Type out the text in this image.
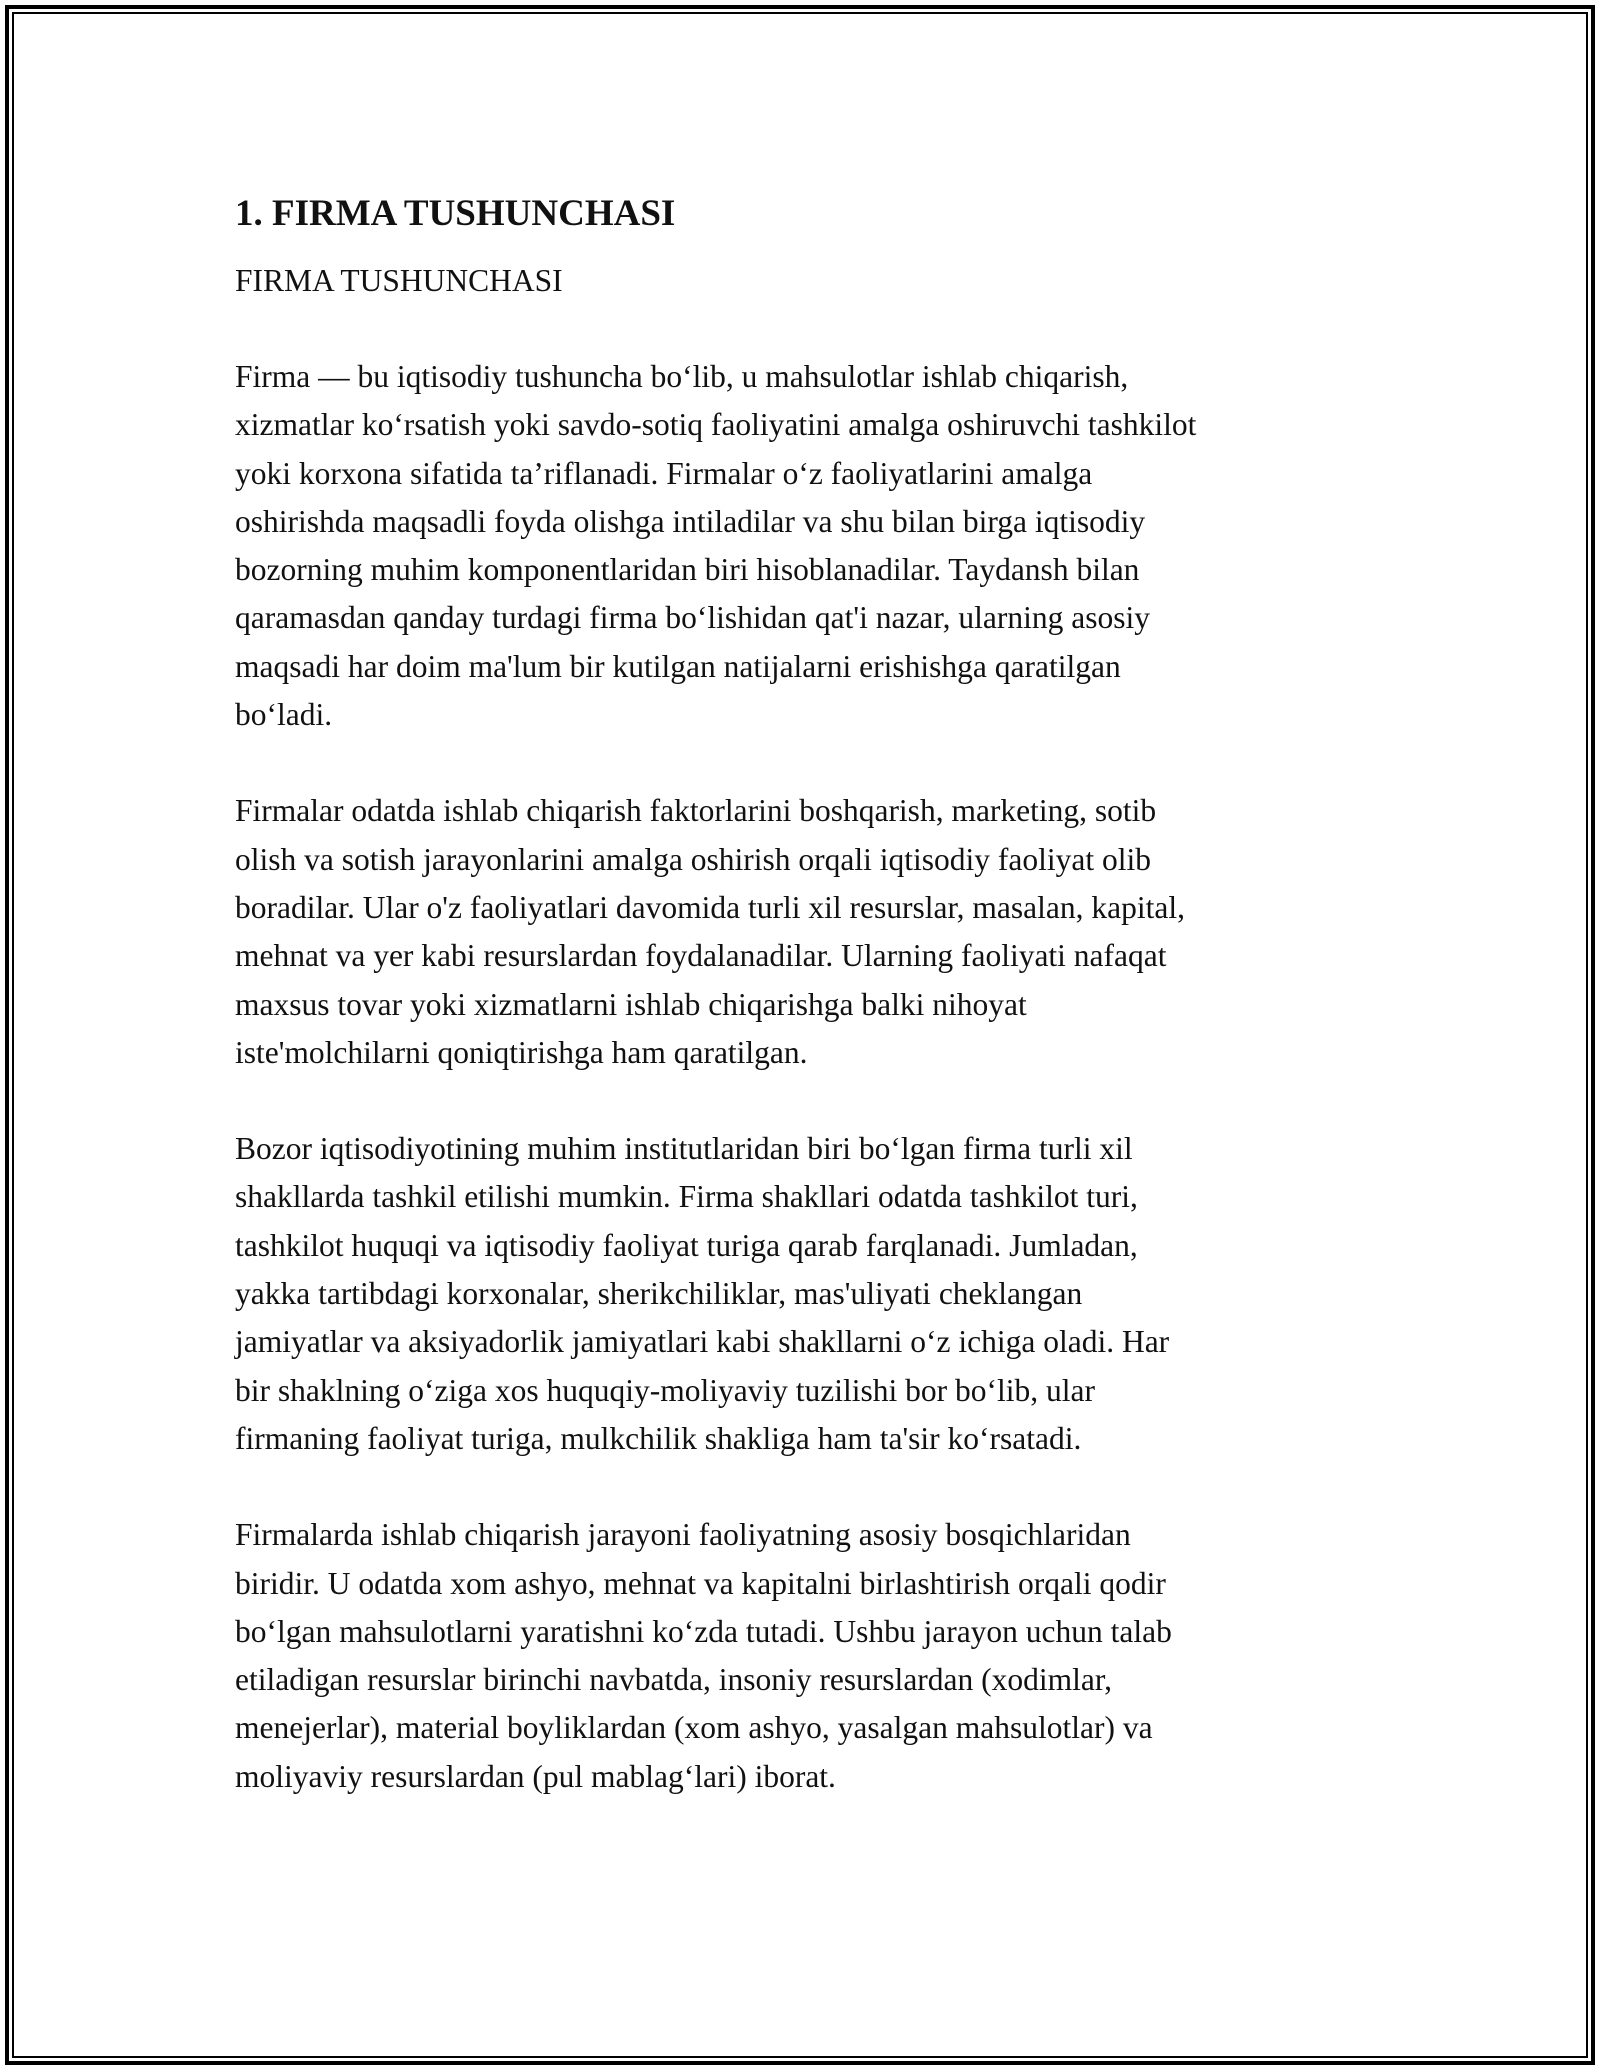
1. FIRMA TUSHUNCHASI
FIRMA TUSHUNCHASI

Firma — bu iqtisodiy tushuncha bo‘lib, u mahsulotlar ishlab chiqarish,
xizmatlar ko‘rsatish yoki savdo-sotiq faoliyatini amalga oshiruvchi tashkilot
yoki korxona sifatida ta’riflanadi. Firmalar o‘z faoliyatlarini amalga
oshirishda maqsadli foyda olishga intiladilar va shu bilan birga iqtisodiy
bozorning muhim komponentlaridan biri hisoblanadilar. Taydansh bilan
qaramasdan qanday turdagi firma bo‘lishidan qat'i nazar, ularning asosiy
maqsadi har doim ma'lum bir kutilgan natijalarni erishishga qaratilgan
bo‘ladi.

Firmalar odatda ishlab chiqarish faktorlarini boshqarish, marketing, sotib
olish va sotish jarayonlarini amalga oshirish orqali iqtisodiy faoliyat olib
boradilar. Ular o'z faoliyatlari davomida turli xil resurslar, masalan, kapital,
mehnat va yer kabi resurslardan foydalanadilar. Ularning faoliyati nafaqat
maxsus tovar yoki xizmatlarni ishlab chiqarishga balki nihoyat
iste'molchilarni qoniqtirishga ham qaratilgan.

Bozor iqtisodiyotining muhim institutlaridan biri bo‘lgan firma turli xil
shakllarda tashkil etilishi mumkin. Firma shakllari odatda tashkilot turi,
tashkilot huquqi va iqtisodiy faoliyat turiga qarab farqlanadi. Jumladan,
yakka tartibdagi korxonalar, sherikchiliklar, mas'uliyati cheklangan
jamiyatlar va aksiyadorlik jamiyatlari kabi shakllarni o‘z ichiga oladi. Har
bir shaklning o‘ziga xos huquqiy-moliyaviy tuzilishi bor bo‘lib, ular
firmaning faoliyat turiga, mulkchilik shakliga ham ta'sir ko‘rsatadi.

Firmalarda ishlab chiqarish jarayoni faoliyatning asosiy bosqichlaridan
biridir. U odatda xom ashyo, mehnat va kapitalni birlashtirish orqali qodir
bo‘lgan mahsulotlarni yaratishni ko‘zda tutadi. Ushbu jarayon uchun talab
etiladigan resurslar birinchi navbatda, insoniy resurslardan (xodimlar,
menejerlar), material boyliklardan (xom ashyo, yasalgan mahsulotlar) va
moliyaviy resurslardan (pul mablag‘lari) iborat.
